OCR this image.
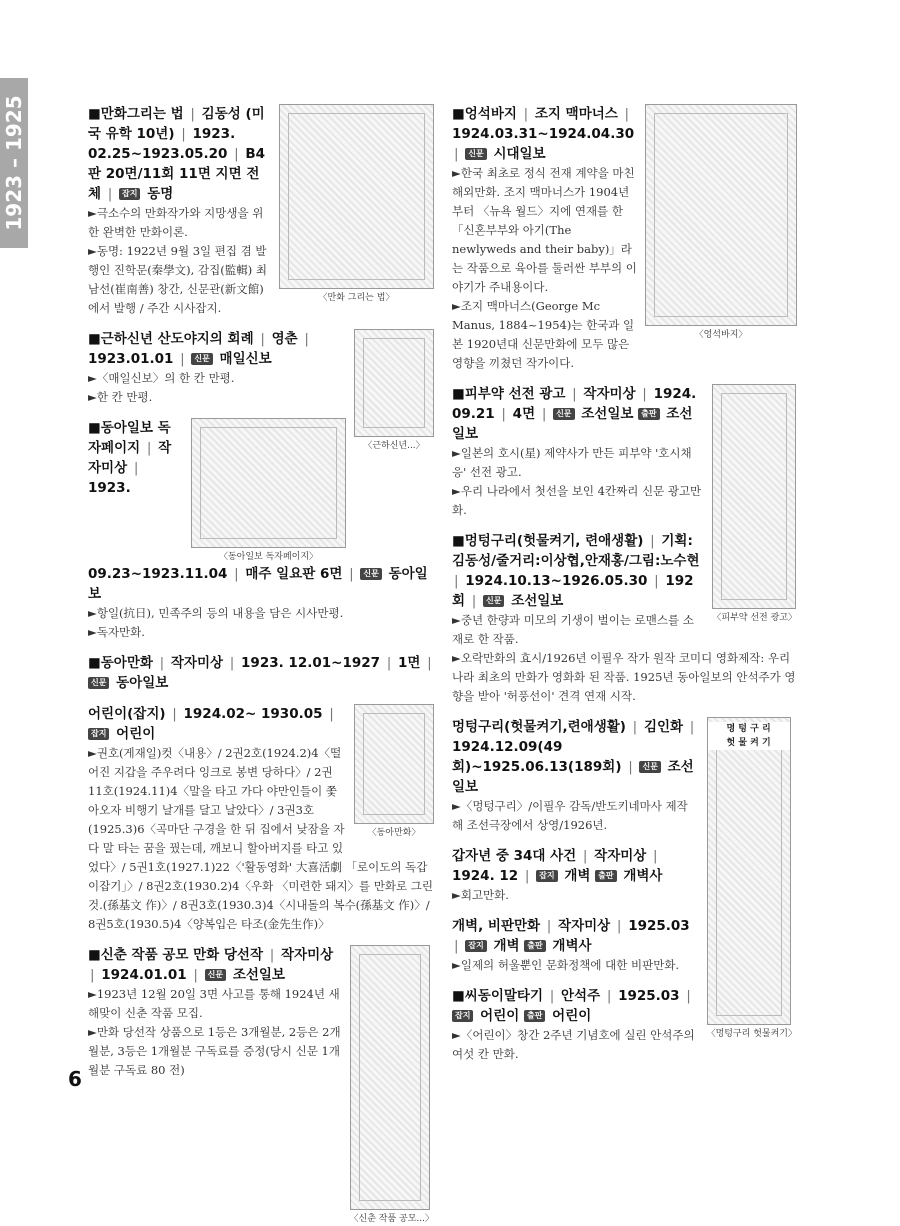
1923 – 1925
〈만화 그리는 법〉
■만화그리는 법 | 김동성 (미국 유학 10년) | 1923. 02.25~1923.05.20 | B4판 20면/11회 11면 지면 전체 | 잡지 동명

►극소수의 만화작가와 지망생을 위한 완벽한 만화이론.

►동명: 1922년 9월 3일 편집 겸 발행인 진학문(秦學文), 감집(監輯) 최남선(崔南善) 창간, 신문관(新文館)에서 발행 / 주간 시사잡지.

〈근하신년...〉
■근하신년 산도야지의 회례 | 영춘 | 1923.01.01 | 신문 매일신보

►〈매일신보〉의 한 칸 만평.

►한 칸 만평.

〈동아일보 독자페이지〉
■동아일보 독자페이지 | 작자미상 | 1923. 09.23~1923.11.04 | 매주 일요판 6면 | 신문 동아일보

►항일(抗日), 민족주의 등의 내용을 담은 시사만평.

►독자만화.

■동아만화 | 작자미상 | 1923. 12.01~1927 | 1면 | 신문 동아일보
〈동아만화〉
어린이(잡지) | 1924.02~ 1930.05 | 잡지 어린이

►권호(게재일)컷〈내용〉/ 2권2호(1924.2)4〈떨어진 지갑을 주우려다 잉크로 봉변 당하다〉/ 2권11호(1924.11)4〈말을 타고 가다 야만인들이 쫓아오자 비행기 날개를 달고 날았다〉/ 3권3호(1925.3)6〈곡마단 구경을 한 뒤 집에서 낮잠을 자다 말 타는 꿈을 꿨는데, 깨보니 할아버지를 타고 있었다〉/ 5권1호(1927.1)22〈'활동영화' 大喜活劇 「로이도의 독갑이잡기」〉/ 8권2호(1930.2)4〈우화 〈미련한 돼지〉를 만화로 그린 것.(孫基文 作)〉/ 8권3호(1930.3)4〈시내돌의 복수(孫基文 作)〉/ 8권5호(1930.5)4〈양복입은 타조(金先生作)〉

〈신춘 작품 공모...〉
■신춘 작품 공모 만화 당선작 | 작자미상 | 1924.01.01 | 신문 조선일보

►1923년 12월 20일 3면 사고를 통해 1924년 새해맞이 신춘 작품 모집.

►만화 당선작 상품으로 1등은 3개월분, 2등은 2개월분, 3등은 1개월분 구독료를 증정(당시 신문 1개월분 구독료 80 전)

〈엉석바지〉
■엉석바지 | 조지 맥마너스 | 1924.03.31~1924.04.30 | 신문 시대일보

►한국 최초로 정식 전재 계약을 마친 해외만화. 조지 맥마너스가 1904년부터 〈뉴욕 월드〉지에 연재를 한 「신혼부부와 아기(The newlyweds and their baby)」라는 작품으로 육아를 둘러싼 부부의 이야기가 주내용이다.

►조지 맥마너스(George Mc Manus, 1884~1954)는 한국과 일본 1920년대 신문만화에 모두 많은 영향을 끼쳤던 작가이다.

〈피부약 선전 광고〉
■피부약 선전 광고 | 작자미상 | 1924. 09.21 | 4면 | 신문 조선일보 출판 조선일보

►일본의 호시(星) 제약사가 만든 피부약 '호시채응' 선전 광고.

►우리 나라에서 첫선을 보인 4칸짜리 신문 광고만화.

■멍텅구리(헛물켜기, 련애생활) | 기획: 김동성/줄거리:이상협,안재홍/그림:노수현 | 1924.10.13~1926.05.30 | 192회 | 신문 조선일보

►중년 한량과 미모의 기생이 벌이는 로맨스를 소재로 한 작품.

►오락만화의 효시/1926년 이필우 작가 원작 코미디 영화제작: 우리나라 최초의 만화가 영화화 된 작품. 1925년 동아일보의 안석주가 영향을 받아 '허풍선이' 견격 연재 시작.

명 텅 구 리
헛 물 켜 기
〈멍텅구리 헛물켜기〉
멍텅구리(헛물켜기,련애생활) | 김인화 | 1924.12.09(49회)~1925.06.13(189회) | 신문 조선일보

►〈멍텅구리〉/이필우 감독/반도키네마사 제작해 조선극장에서 상영/1926년.

갑자년 중 34대 사건 | 작자미상 | 1924. 12 | 잡지 개벽 출판 개벽사

►회고만화.

개벽, 비판만화 | 작자미상 | 1925.03 | 잡지 개벽 출판 개벽사

►일제의 허울뿐인 문화정책에 대한 비판만화.

■씨동이말타기 | 안석주 | 1925.03 | 잡지 어린이 출판 어린이

►〈어린이〉창간 2주년 기념호에 실린 안석주의 여섯 칸 만화.

6
